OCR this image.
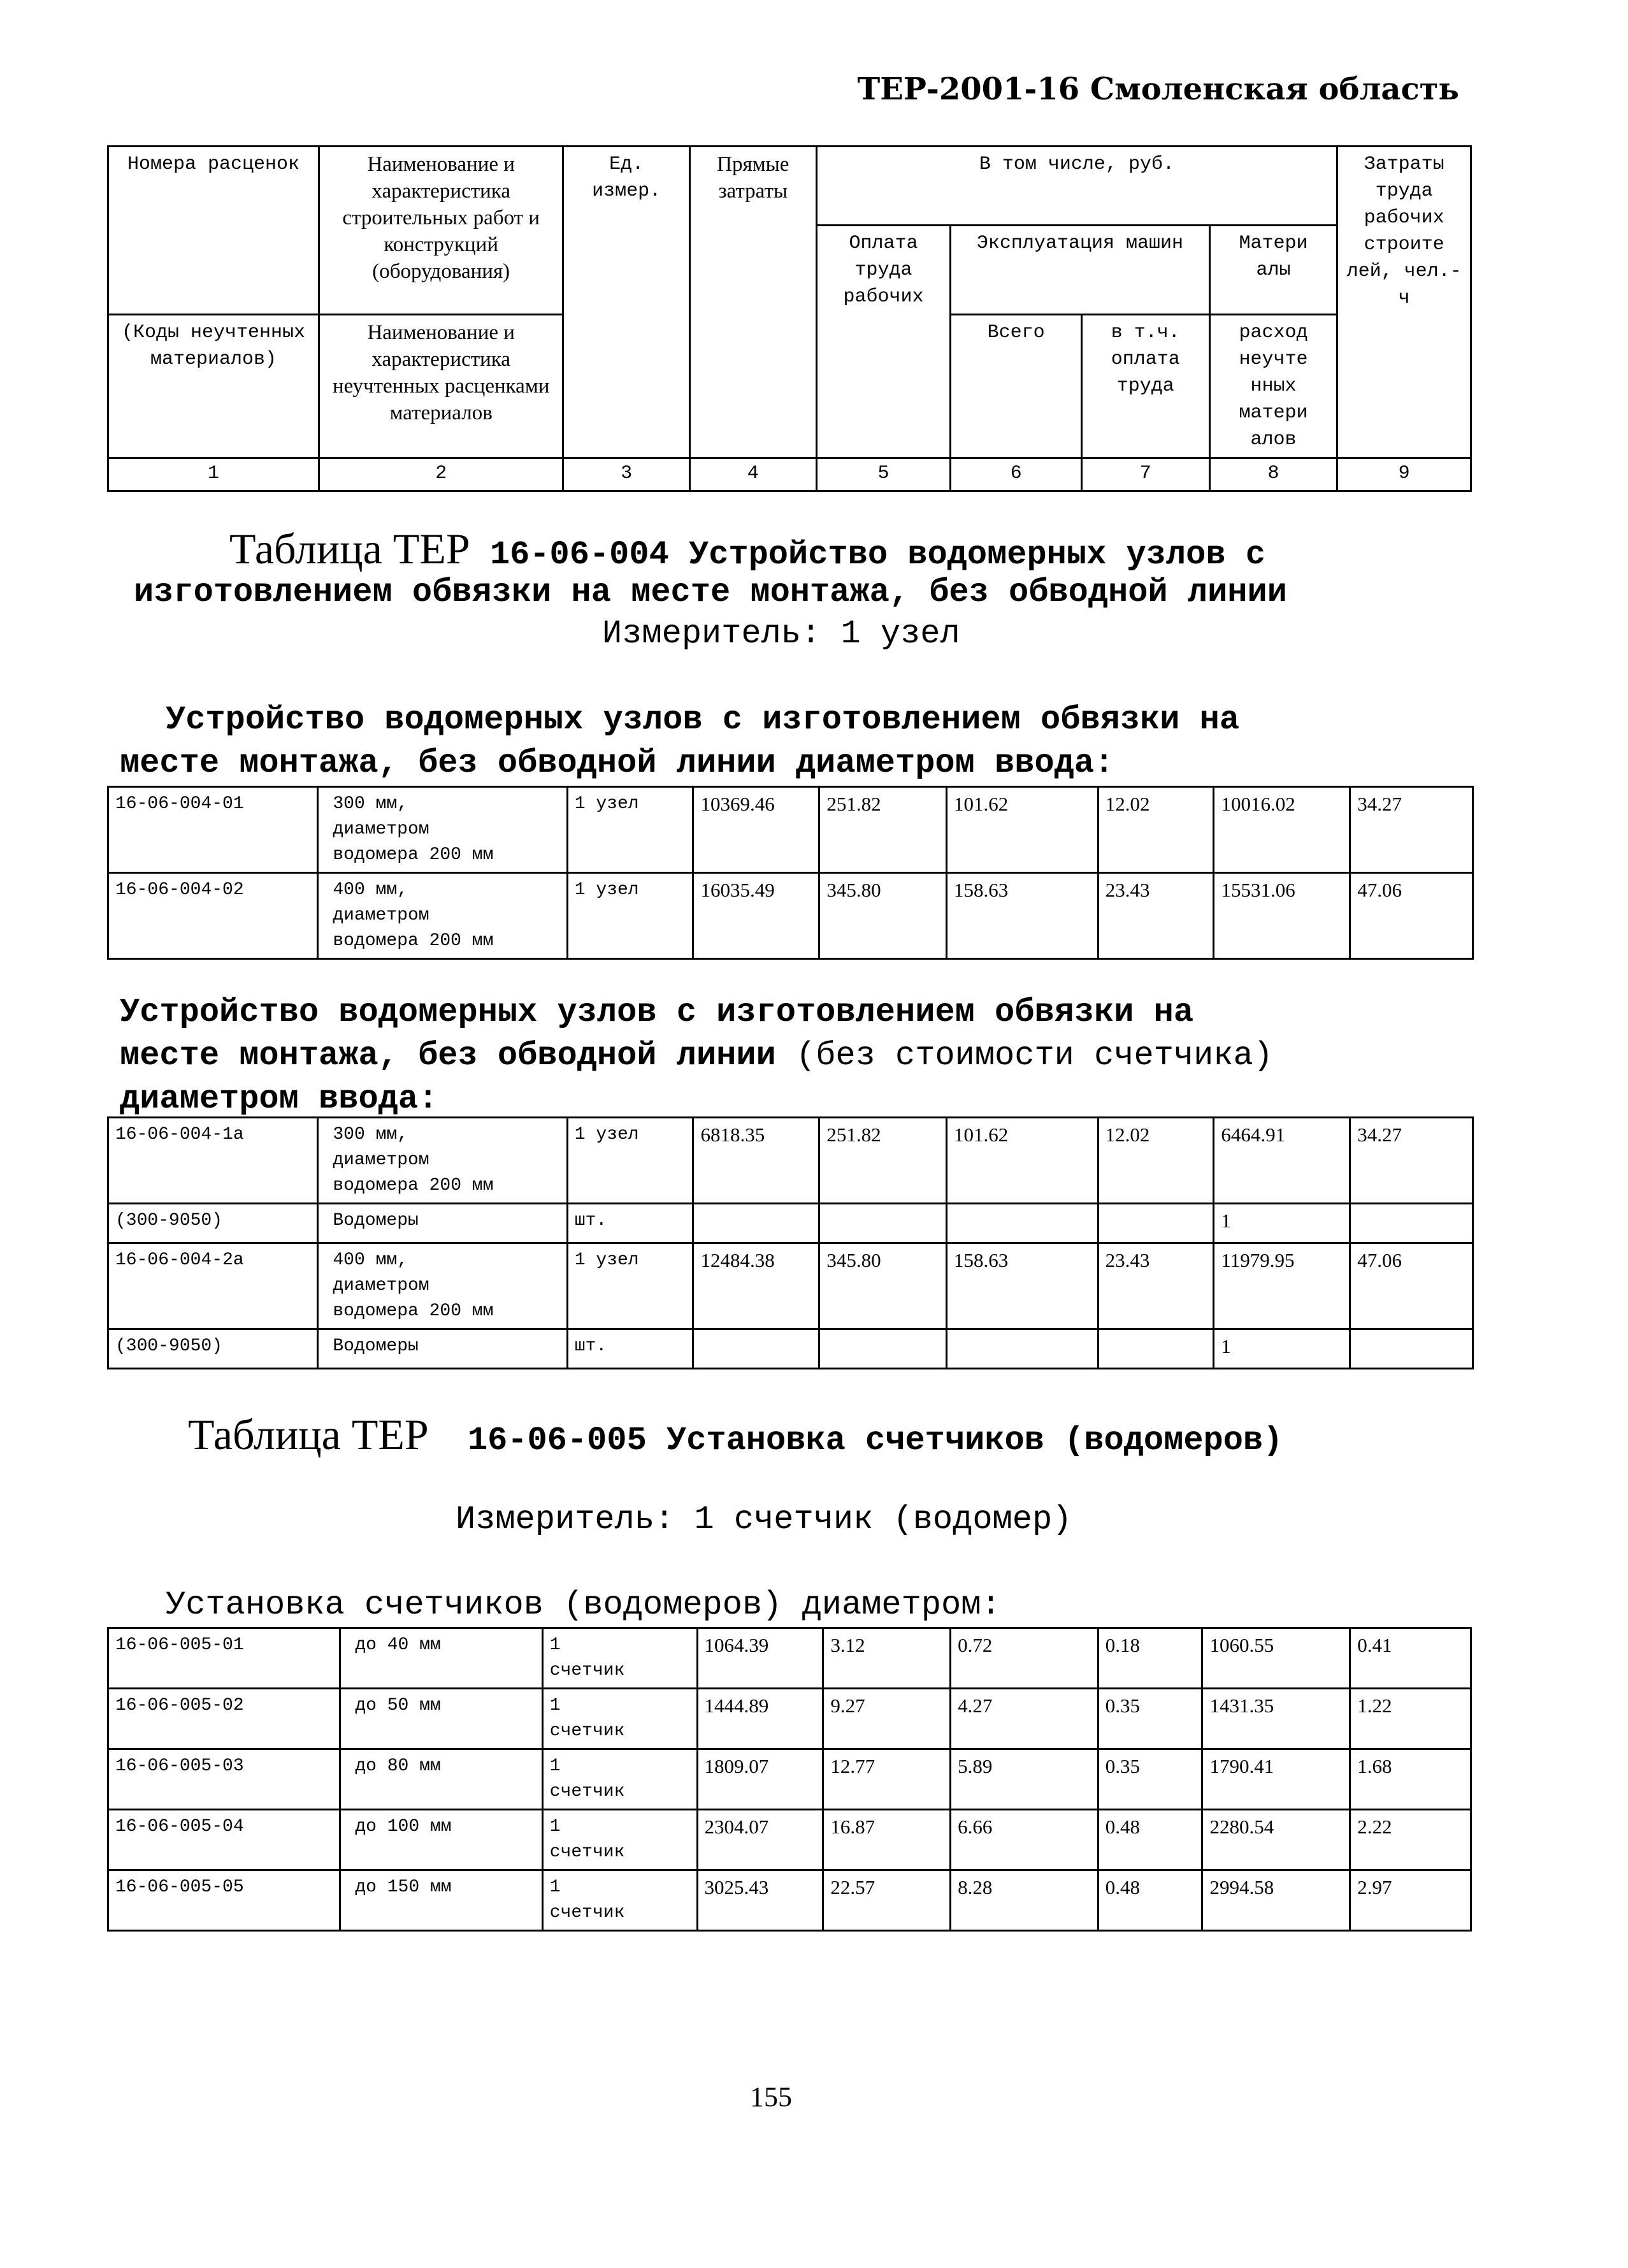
ТЕР-2001-16 Смоленская область
Номера расценок	Наименование и характеристика строительных работ и конструкций (оборудования)	Ед. измер.	Прямые затраты	В том числе, руб.				Затраты труда рабочих строите лей, чел.-ч
				Оплата труда рабочих	Эксплуатация машин		Матери алы	
(Коды неучтенных материалов)	Наименование и характеристика неучтенных расценками материалов				Всего	в т.ч. оплата труда	расход неучте нных матери алов	

1	2	3	4	5	6	7	8	9
Таблица ТЕР 16-06-004 Устройство водомерных узлов с
изготовлением обвязки на месте монтажа, без обводной линии
Измеритель: 1 узел
Устройство водомерных узлов с изготовлением обвязки на
месте монтажа, без обводной линии диаметром ввода:
16-06-004-01	300 мм,
диаметром
водомера 200 мм	1 узел	10369.46	251.82	101.62	12.02	10016.02	34.27
16-06-004-02	400 мм,
диаметром
водомера 200 мм	1 узел	16035.49	345.80	158.63	23.43	15531.06	47.06
Устройство водомерных узлов с изготовлением обвязки на
месте монтажа, без обводной линии (без стоимости счетчика)
диаметром ввода:
16-06-004-1а	300 мм,
диаметром
водомера 200 мм	1 узел	6818.35	251.82	101.62	12.02	6464.91	34.27
(300-9050)	Водомеры	шт.					1	
16-06-004-2а	400 мм,
диаметром
водомера 200 мм	1 узел	12484.38	345.80	158.63	23.43	11979.95	47.06
(300-9050)	Водомеры	шт.					1	
Таблица ТЕР 16-06-005 Установка счетчиков (водомеров)
Измеритель: 1 счетчик (водомер)
Установка счетчиков (водомеров) диаметром:
16-06-005-01	до 40 мм	1
счетчик	1064.39	3.12	0.72	0.18	1060.55	0.41
16-06-005-02	до 50 мм	1
счетчик	1444.89	9.27	4.27	0.35	1431.35	1.22
16-06-005-03	до 80 мм	1
счетчик	1809.07	12.77	5.89	0.35	1790.41	1.68
16-06-005-04	до 100 мм	1
счетчик	2304.07	16.87	6.66	0.48	2280.54	2.22
16-06-005-05	до 150 мм	1
счетчик	3025.43	22.57	8.28	0.48	2994.58	2.97
155
